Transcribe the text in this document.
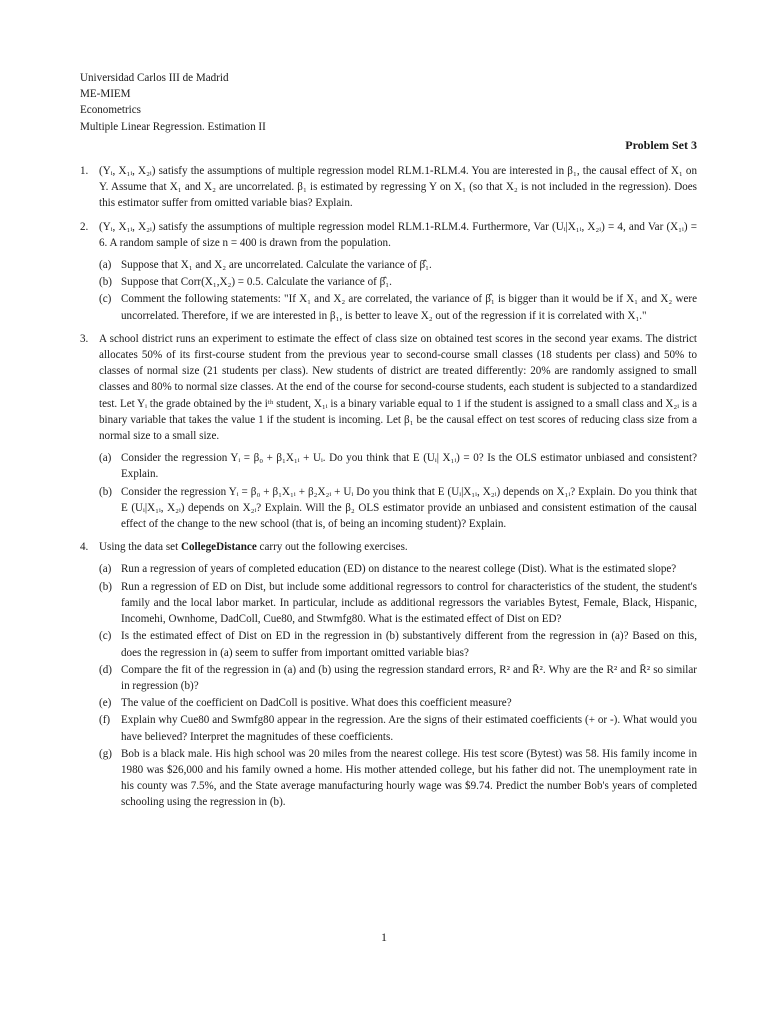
Universidad Carlos III de Madrid
ME-MIEM
Econometrics
Multiple Linear Regression. Estimation II
Problem Set 3
1. (Yᵢ, X₁ᵢ, X₂ᵢ) satisfy the assumptions of multiple regression model RLM.1-RLM.4. You are interested in β₁, the causal effect of X₁ on Y. Assume that X₁ and X₂ are uncorrelated. β₁ is estimated by regressing Y on X₁ (so that X₂ is not included in the regression). Does this estimator suffer from omitted variable bias? Explain.
2. (Yᵢ, X₁ᵢ, X₂ᵢ) satisfy the assumptions of multiple regression model RLM.1-RLM.4. Furthermore, Var (Uᵢ|X₁ᵢ, X₂ᵢ) = 4, and Var (X₁ᵢ) = 6. A random sample of size n = 400 is drawn from the population.
(a) Suppose that X₁ and X₂ are uncorrelated. Calculate the variance of β̂₁.
(b) Suppose that Corr(X₁,X₂) = 0.5. Calculate the variance of β̂₁.
(c) Comment the following statements: "If X₁ and X₂ are correlated, the variance of β̂₁ is bigger than it would be if X₁ and X₂ were uncorrelated. Therefore, if we are interested in β₁, is better to leave X₂ out of the regression if it is correlated with X₁."
3. A school district runs an experiment to estimate the effect of class size on obtained test scores in the second year exams. The district allocates 50% of its first-course student from the previous year to second-course small classes (18 students per class) and 50% to classes of normal size (21 students per class). New students of district are treated differently: 20% are randomly assigned to small classes and 80% to normal size classes. At the end of the course for second-course students, each student is subjected to a standardized test. Let Yᵢ the grade obtained by the iᵗʰ student, X₁ᵢ is a binary variable equal to 1 if the student is assigned to a small class and X₂ᵢ is a binary variable that takes the value 1 if the student is incoming. Let β₁ be the causal effect on test scores of reducing class size from a normal size to a small size.
(a) Consider the regression Yᵢ = β₀ + β₁X₁ᵢ + Uᵢ. Do you think that E (Uᵢ| X₁ᵢ) = 0? Is the OLS estimator unbiased and consistent? Explain.
(b) Consider the regression Yᵢ = β₀ + β₁X₁ᵢ + β₂X₂ᵢ + Uᵢ Do you think that E (Uᵢ|X₁ᵢ, X₂ᵢ) depends on X₁ᵢ? Explain. Do you think that E (Uᵢ|X₁ᵢ, X₂ᵢ) depends on X₂ᵢ? Explain. Will the β₂ OLS estimator provide an unbiased and consistent estimation of the causal effect of the change to the new school (that is, of being an incoming student)? Explain.
4. Using the data set CollegeDistance carry out the following exercises.
(a) Run a regression of years of completed education (ED) on distance to the nearest college (Dist). What is the estimated slope?
(b) Run a regression of ED on Dist, but include some additional regressors to control for characteristics of the student, the student's family and the local labor market. In particular, include as additional regressors the variables Bytest, Female, Black, Hispanic, Incomehi, Ownhome, DadColl, Cue80, and Stwmfg80. What is the estimated effect of Dist on ED?
(c) Is the estimated effect of Dist on ED in the regression in (b) substantively different from the regression in (a)? Based on this, does the regression in (a) seem to suffer from important omitted variable bias?
(d) Compare the fit of the regression in (a) and (b) using the regression standard errors, R² and R̄². Why are the R² and R̄² so similar in regression (b)?
(e) The value of the coefficient on DadColl is positive. What does this coefficient measure?
(f) Explain why Cue80 and Swmfg80 appear in the regression. Are the signs of their estimated coefficients (+ or -). What would you have believed? Interpret the magnitudes of these coefficients.
(g) Bob is a black male. His high school was 20 miles from the nearest college. His test score (Bytest) was 58. His family income in 1980 was $26,000 and his family owned a home. His mother attended college, but his father did not. The unemployment rate in his county was 7.5%, and the State average manufacturing hourly wage was $9.74. Predict the number Bob's years of completed schooling using the regression in (b).
1
